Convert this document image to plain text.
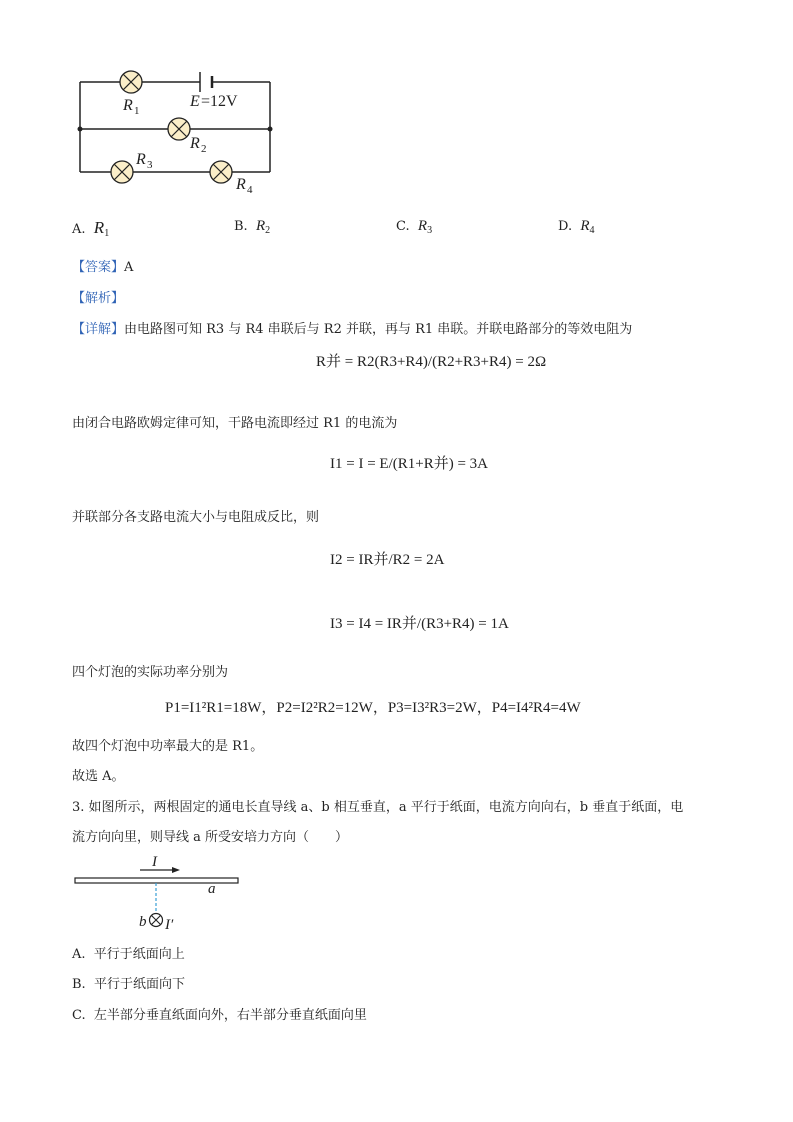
R 1
E =12V
R 2
R 3
R 4
A. $R_1$	B. $R_2$	C. $R_3$	D. $R_4$
【答案】A
【解析】
【详解】由电路图可知 R3 与 R4 串联后与 R2 并联，再与 R1 串联。并联电路部分的等效电阻为
R并 = R2(R3+R4)/(R2+R3+R4) = 2Ω
由闭合电路欧姆定律可知，干路电流即经过 R1 的电流为
I1 = I = E/(R1+R并) = 3A
并联部分各支路电流大小与电阻成反比，则
I2 = IR并/R2 = 2A
I3 = I4 = IR并/(R3+R4) = 1A
四个灯泡的实际功率分别为
P1=I1²R1=18W，P2=I2²R2=12W，P3=I3²R3=2W，P4=I4²R4=4W
故四个灯泡中功率最大的是 R1。
故选 A。
3. 如图所示，两根固定的通电长直导线 a、b 相互垂直，a 平行于纸面，电流方向向右，b 垂直于纸面，电
流方向向里，则导线 a 所受安培力方向（　　）
I
a
b I′
A. 平行于纸面向上
B. 平行于纸面向下
C. 左半部分垂直纸面向外，右半部分垂直纸面向里
